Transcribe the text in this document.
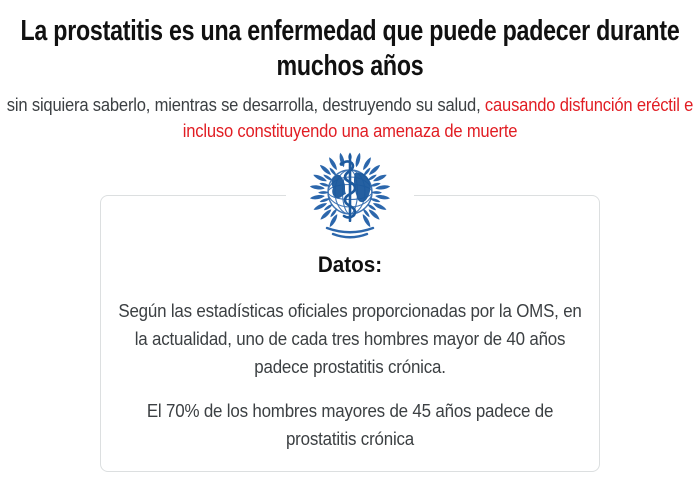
La prostatitis es una enfermedad que puede padecer durante muchos años

sin siquiera saberlo, mientras se desarrolla, destruyendo su salud, causando disfunción eréctil e incluso constituyendo una amenaza de muerte

Datos:

Según las estadísticas oficiales proporcionadas por la OMS, en la actualidad, uno de cada tres hombres mayor de 40 años padece prostatitis crónica.

El 70% de los hombres mayores de 45 años padece de prostatitis crónica
